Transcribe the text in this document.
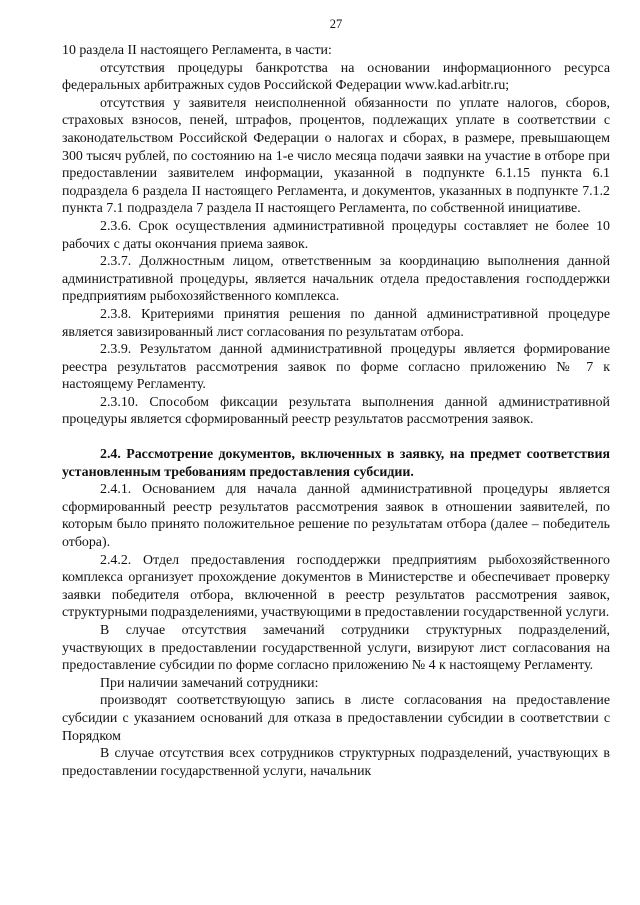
27

10 раздела II настоящего Регламента, в части:

отсутствия процедуры банкротства на основании информационного ресурса федеральных арбитражных судов Российской Федерации www.kad.arbitr.ru;

отсутствия у заявителя неисполненной обязанности по уплате налогов, сборов, страховых взносов, пеней, штрафов, процентов, подлежащих уплате в соответствии с законодательством Российской Федерации о налогах и сборах, в размере, превышающем 300 тысяч рублей, по состоянию на 1-е число месяца подачи заявки на участие в отборе при предоставлении заявителем информации, указанной в подпункте 6.1.15 пункта 6.1 подраздела 6 раздела II настоящего Регламента, и документов, указанных в подпункте 7.1.2 пункта 7.1 подраздела 7 раздела II настоящего Регламента, по собственной инициативе.

2.3.6. Срок осуществления административной процедуры составляет не более 10 рабочих с даты окончания приема заявок.

2.3.7. Должностным лицом, ответственным за координацию выполнения данной административной процедуры, является начальник отдела предоставления господдержки предприятиям рыбохозяйственного комплекса.

2.3.8. Критериями принятия решения по данной административной процедуре является завизированный лист согласования по результатам отбора.

2.3.9. Результатом данной административной процедуры является формирование реестра результатов рассмотрения заявок по форме согласно приложению № 7 к настоящему Регламенту.

2.3.10. Способом фиксации результата выполнения данной административной процедуры является сформированный реестр результатов рассмотрения заявок.

2.4. Рассмотрение документов, включенных в заявку, на предмет соответствия установленным требованиям предоставления субсидии.

2.4.1. Основанием для начала данной административной процедуры является сформированный реестр результатов рассмотрения заявок в отношении заявителей, по которым было принято положительное решение по результатам отбора (далее – победитель отбора).

2.4.2. Отдел предоставления господдержки предприятиям рыбохозяйственного комплекса организует прохождение документов в Министерстве и обеспечивает проверку заявки победителя отбора, включенной в реестр результатов рассмотрения заявок, структурными подразделениями, участвующими в предоставлении государственной услуги.

В случае отсутствия замечаний сотрудники структурных подразделений, участвующих в предоставлении государственной услуги, визируют лист согласования на предоставление субсидии по форме согласно приложению № 4 к настоящему Регламенту.

При наличии замечаний сотрудники:

производят соответствующую запись в листе согласования на предоставление субсидии с указанием оснований для отказа в предоставлении субсидии в соответствии с Порядком

В случае отсутствия всех сотрудников структурных подразделений, участвующих в предоставлении государственной услуги, начальник
